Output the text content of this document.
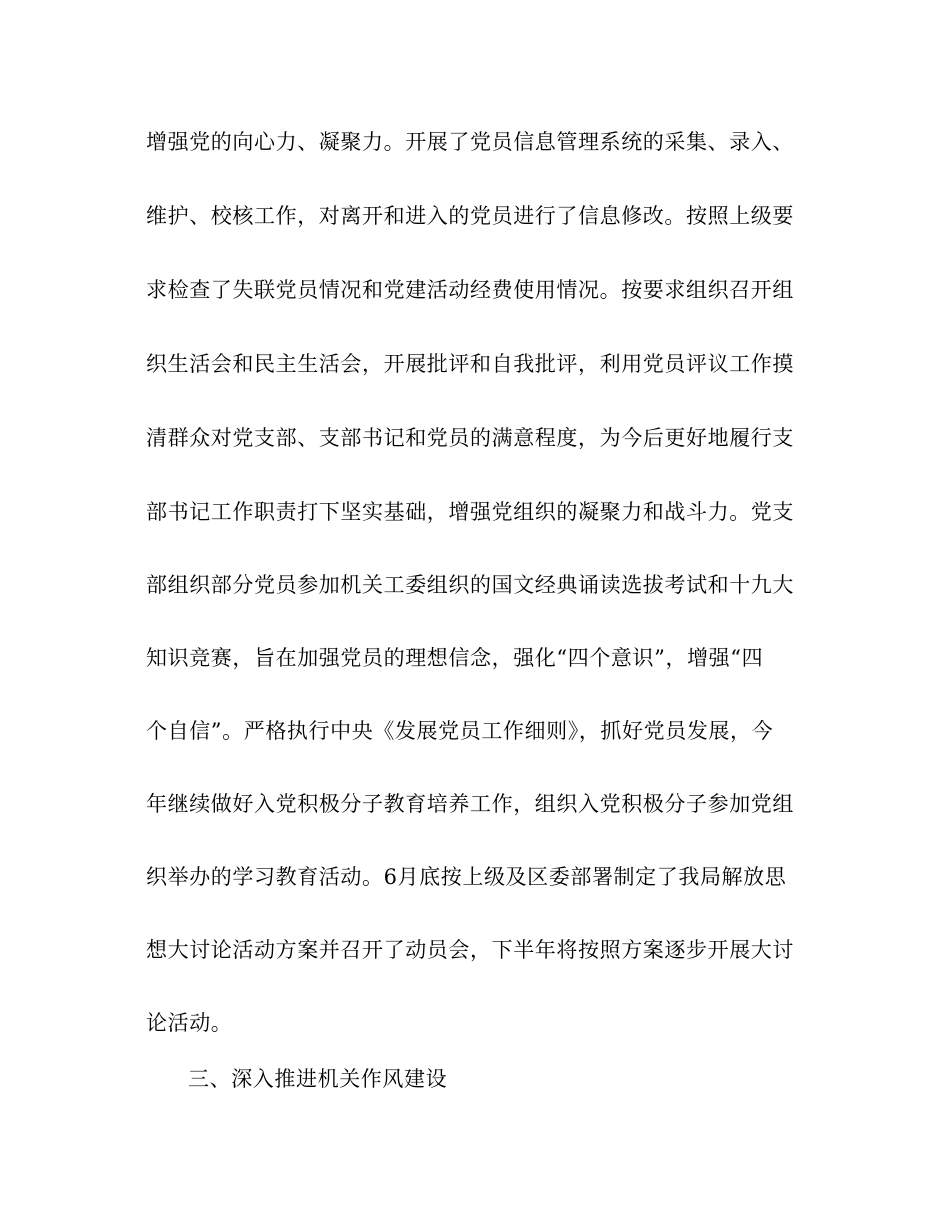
增强党的向心力、凝聚力。开展了党员信息管理系统的采集、录入、
维护、校核工作，对离开和进入的党员进行了信息修改。按照上级要
求检查了失联党员情况和党建活动经费使用情况。按要求组织召开组
织生活会和民主生活会，开展批评和自我批评，利用党员评议工作摸
清群众对党支部、支部书记和党员的满意程度，为今后更好地履行支
部书记工作职责打下坚实基础，增强党组织的凝聚力和战斗力。党支
部组织部分党员参加机关工委组织的国文经典诵读选拔考试和十九大
知识竞赛，旨在加强党员的理想信念，强化“四个意识”，增强“四
个自信”。严格执行中央《发展党员工作细则》，抓好党员发展，今
年继续做好入党积极分子教育培养工作，组织入党积极分子参加党组
织举办的学习教育活动。6月底按上级及区委部署制定了我局解放思
想大讨论活动方案并召开了动员会，下半年将按照方案逐步开展大讨
论活动。
三、深入推进机关作风建设
